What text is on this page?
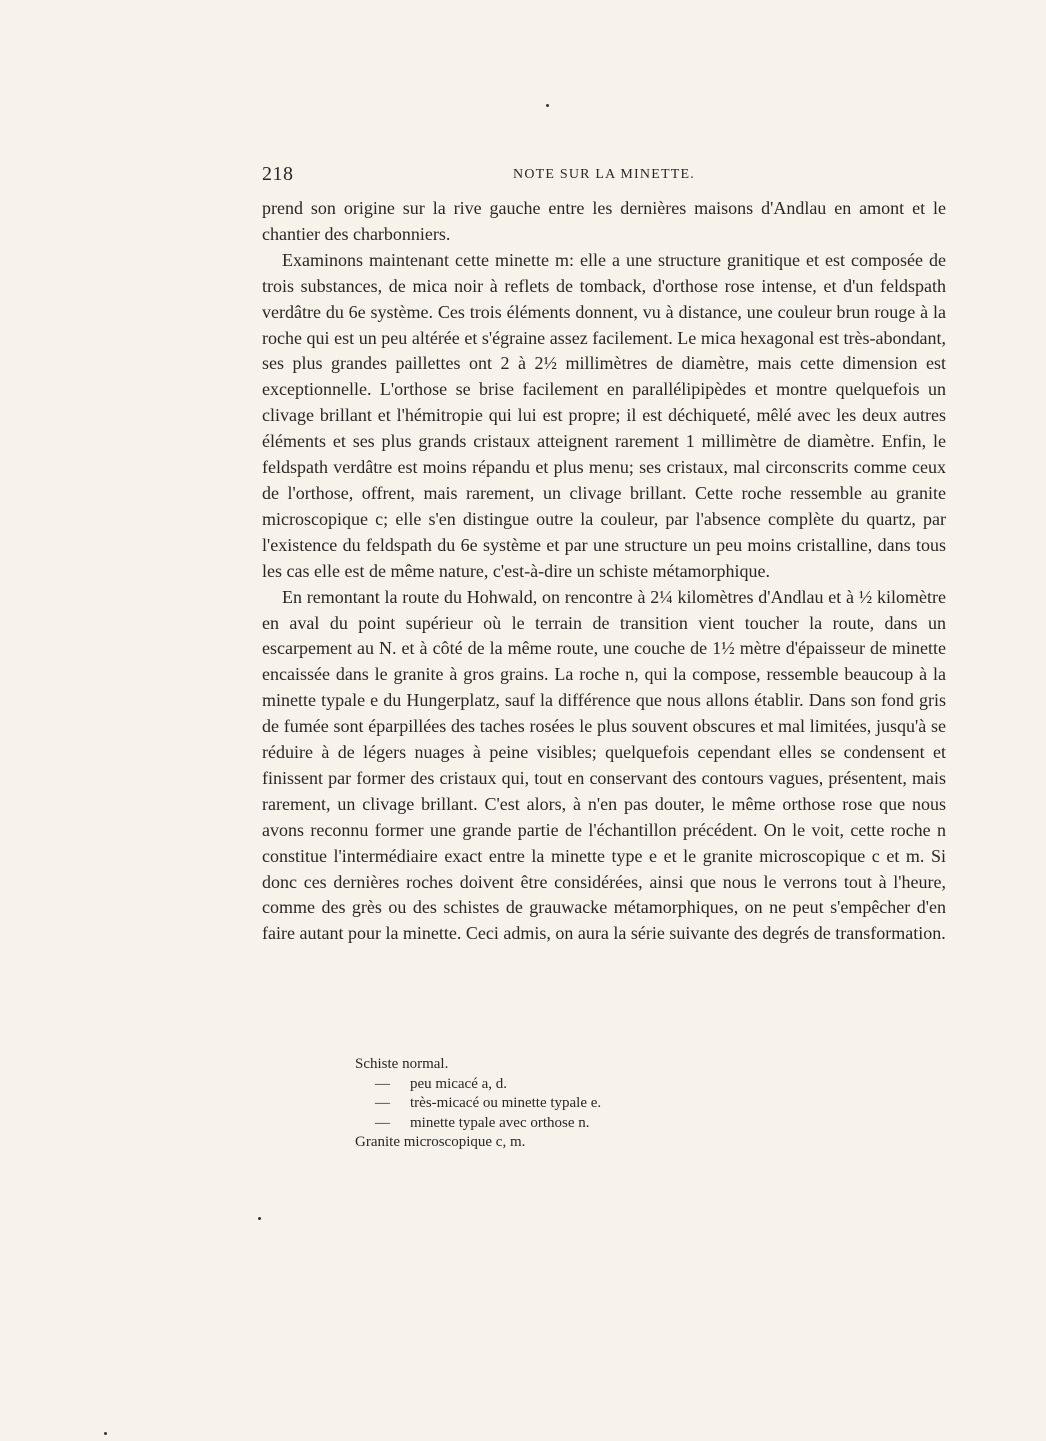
218	NOTE SUR LA MINETTE.

prend son origine sur la rive gauche entre les dernières maisons d'Andlau en amont et le chantier des charbonniers.

Examinons maintenant cette minette m: elle a une structure granitique et est composée de trois substances, de mica noir à reflets de tomback, d'orthose rose intense, et d'un feldspath verdâtre du 6e système. Ces trois éléments donnent, vu à distance, une couleur brun rouge à la roche qui est un peu altérée et s'égraine assez facilement. Le mica hexagonal est très-abondant, ses plus grandes paillettes ont 2 à 2½ millimètres de diamètre, mais cette dimension est exceptionnelle. L'orthose se brise facilement en parallélipipèdes et montre quelquefois un clivage brillant et l'hémitropie qui lui est propre; il est déchiqueté, mêlé avec les deux autres éléments et ses plus grands cristaux atteignent rarement 1 millimètre de diamètre. Enfin, le feldspath verdâtre est moins répandu et plus menu; ses cristaux, mal circonscrits comme ceux de l'orthose, offrent, mais rarement, un clivage brillant. Cette roche ressemble au granite microscopique c; elle s'en distingue outre la couleur, par l'absence complète du quartz, par l'existence du feldspath du 6e système et par une structure un peu moins cristalline, dans tous les cas elle est de même nature, c'est-à-dire un schiste métamorphique.

En remontant la route du Hohwald, on rencontre à 2¼ kilomètres d'Andlau et à ½ kilomètre en aval du point supérieur où le terrain de transition vient toucher la route, dans un escarpement au N. et à côté de la même route, une couche de 1½ mètre d'épaisseur de minette encaissée dans le granite à gros grains. La roche n, qui la compose, ressemble beaucoup à la minette typale e du Hungerplatz, sauf la différence que nous allons établir. Dans son fond gris de fumée sont éparpillées des taches rosées le plus souvent obscures et mal limitées, jusqu'à se réduire à de légers nuages à peine visibles; quelquefois cependant elles se condensent et finissent par former des cristaux qui, tout en conservant des contours vagues, présentent, mais rarement, un clivage brillant. C'est alors, à n'en pas douter, le même orthose rose que nous avons reconnu former une grande partie de l'échantillon précédent. On le voit, cette roche n constitue l'intermédiaire exact entre la minette type e et le granite microscopique c et m. Si donc ces dernières roches doivent être considérées, ainsi que nous le verrons tout à l'heure, comme des grès ou des schistes de grauwacke métamorphiques, on ne peut s'empêcher d'en faire autant pour la minette. Ceci admis, on aura la série suivante des degrés de transformation.

Schiste normal.
— peu micacé a, d.
— très-micacé ou minette typale e.
— minette typale avec orthose n.
Granite microscopique c, m.
